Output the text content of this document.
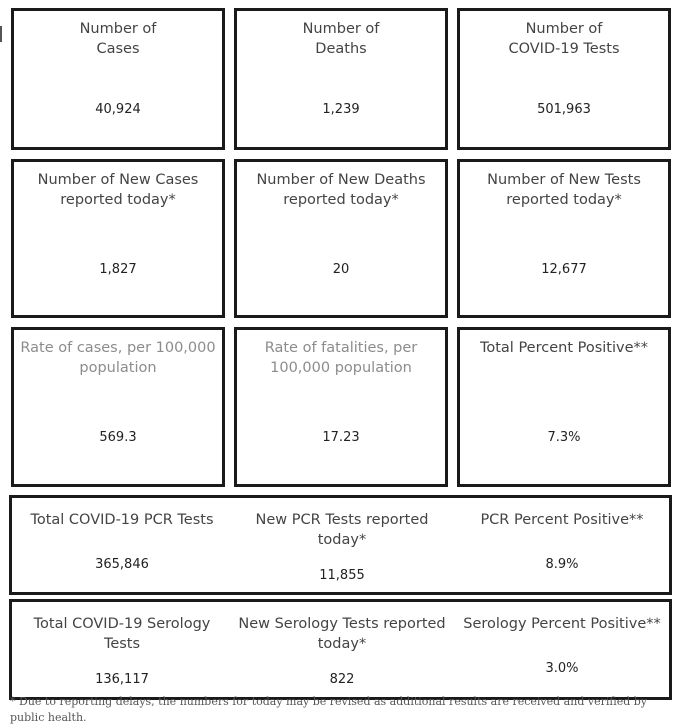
Number of
Cases
40,924
Number of
Deaths
1,239
Number of
COVID-19 Tests
501,963
Number of New Cases
reported today*
1,827
Number of New Deaths
reported today*
20
Number of New Tests
reported today*
12,677
Rate of cases, per 100,000
population
569.3
Rate of fatalities, per
100,000 population
17.23
Total Percent Positive**
7.3%
Total COVID-19 PCR Tests
365,846
New PCR Tests reported
today*
11,855
PCR Percent Positive**
8.9%
Total COVID-19 Serology
Tests
136,117
New Serology Tests reported
today*
822
Serology Percent Positive**
3.0%
* Due to reporting delays, the numbers for today may be revised as additional results are received and verified by public health.
